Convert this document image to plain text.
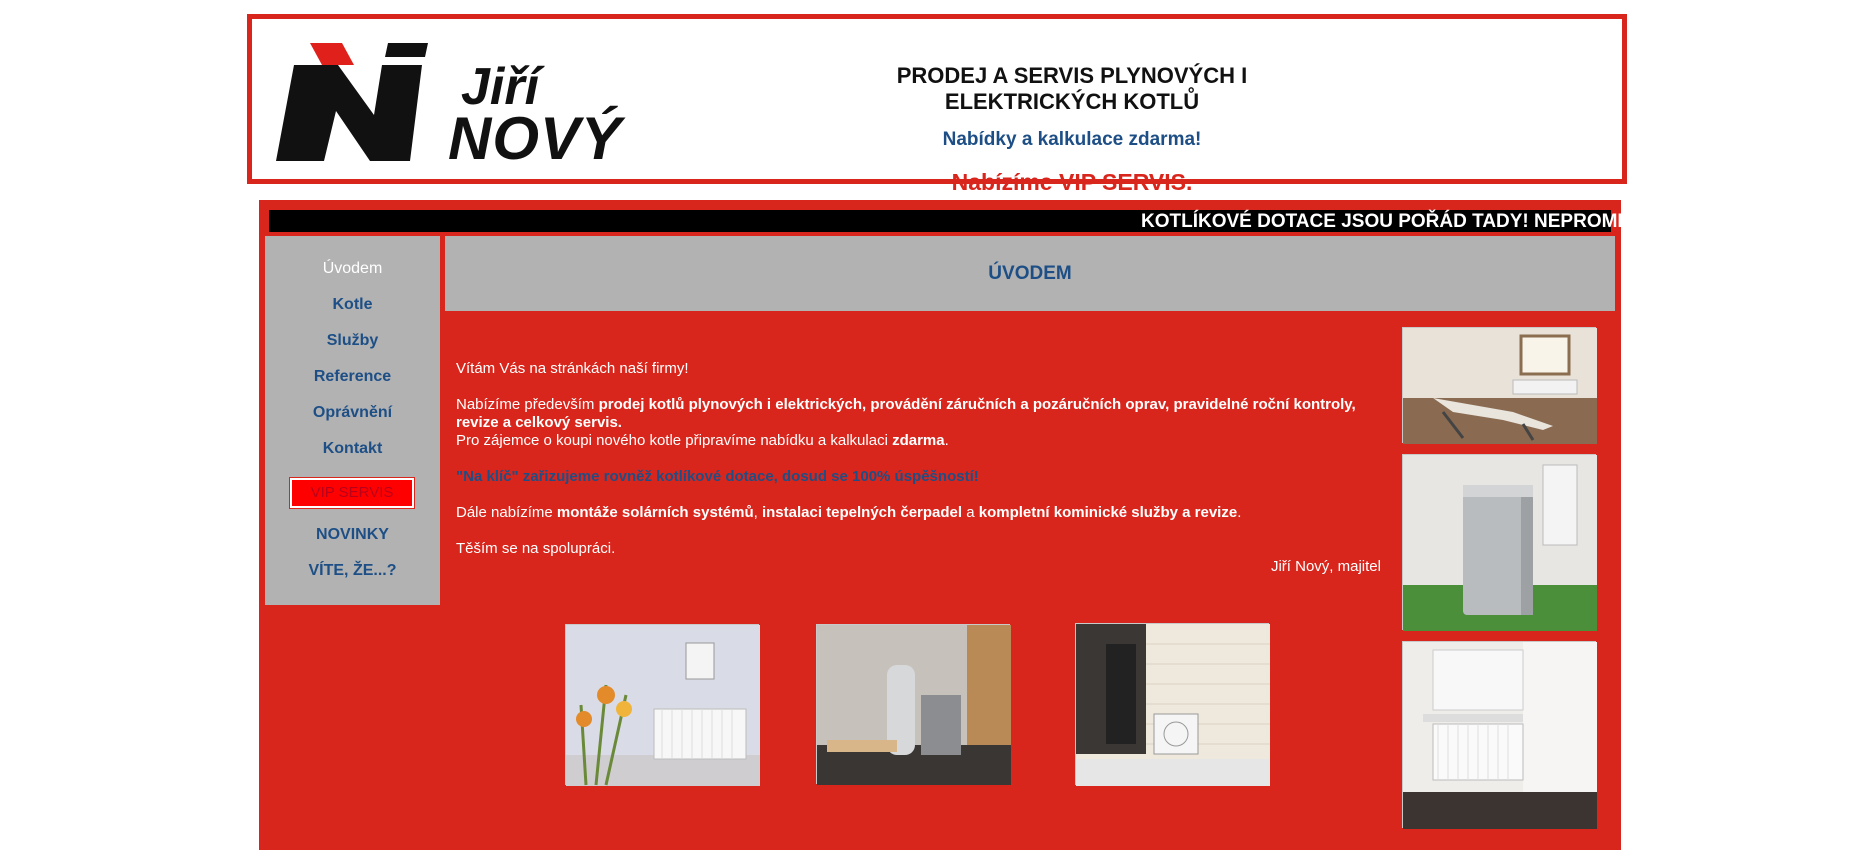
Jiří
NOVÝ
PRODEJ A SERVIS PLYNOVÝCH I ELEKTRICKÝCH KOTLŮ
Nabídky a kalkulace zdarma!
Nabízíme VIP SERVIS.
KOTLÍKOVÉ DOTACE JSOU POŘÁD TADY! NEPROMEŠKEJTE
Úvodem
Kotle
Služby
Reference
Oprávnění
Kontakt
VIP SERVIS
NOVINKY
VÍTE, ŽE...?
ÚVODEM

Vítám Vás na stránkách naší firmy!

Nabízíme především prodej kotlů plynových i elektrických, provádění záručních a pozáručních oprav, pravidelné roční kontroly, revize a celkový servis.

Pro zájemce o koupi nového kotle připravíme nabídku a kalkulaci zdarma.

"Na klíč" zařizujeme rovněž kotlíkové dotace, dosud se 100% úspěšností!

Dále nabízíme montáže solárních systémů, instalaci tepelných čerpadel a kompletní kominické služby a revize.

Těším se na spolupráci.

Jiří Nový, majitel
